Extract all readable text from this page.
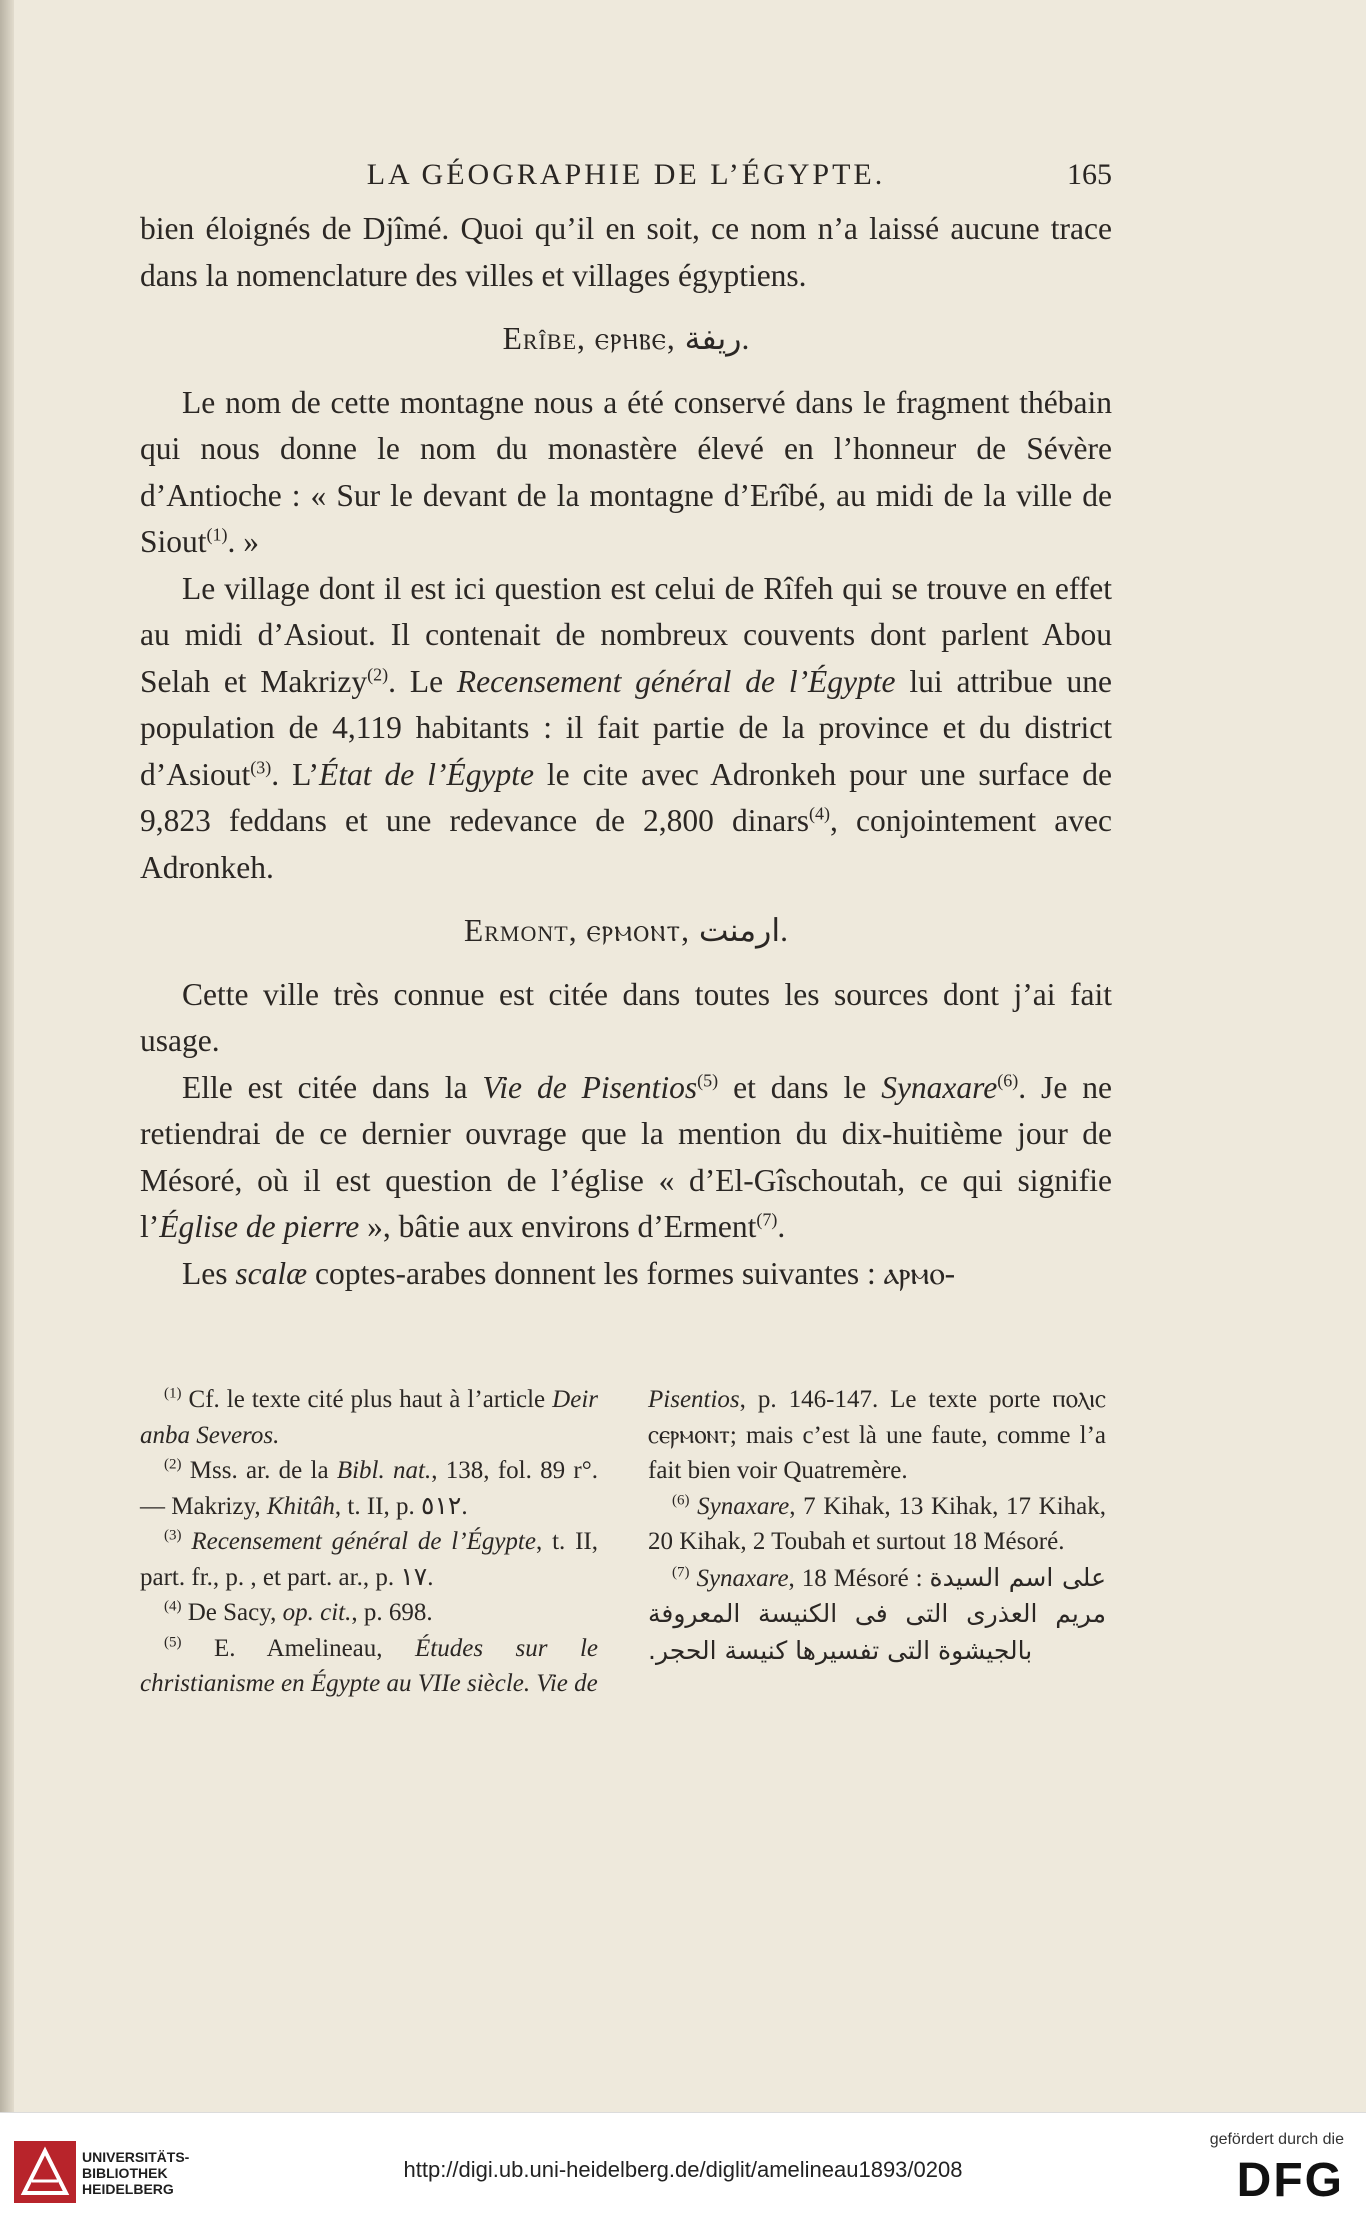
LA GÉOGRAPHIE DE L’ÉGYPTE.	165

bien éloignés de Djîmé. Quoi qu’il en soit, ce nom n’a laissé aucune trace dans la nomenclature des villes et villages égyptiens.

Erîbe, ⲉⲣⲏⲃⲉ, ﺭﻳﻔﺔ.

Le nom de cette montagne nous a été conservé dans le fragment thébain qui nous donne le nom du monastère élevé en l’honneur de Sévère d’Antioche : « Sur le devant de la montagne d’Erîbé, au midi de la ville de Siout$^{(1)}$. »

Le village dont il est ici question est celui de Rîfeh qui se trouve en effet au midi d’Asiout. Il contenait de nombreux couvents dont parlent Abou Selah et Makrizy$^{(2)}$. Le Recensement général de l’Égypte lui attribue une population de 4,119 habitants : il fait partie de la province et du district d’Asiout$^{(3)}$. L’État de l’Égypte le cite avec Adronkeh pour une surface de 9,823 feddans et une redevance de 2,800 dinars$^{(4)}$, conjointement avec Adronkeh.

Ermont, ⲉⲣⲙⲟⲛⲧ, ﺍﺭﻣﻨﺖ.

Cette ville très connue est citée dans toutes les sources dont j’ai fait usage.

Elle est citée dans la Vie de Pisentios$^{(5)}$ et dans le Synaxare$^{(6)}$. Je ne retiendrai de ce dernier ouvrage que la mention du dix-huitième jour de Mésoré, où il est question de l’église « d’El-Gîschoutah, ce qui signifie l’Église de pierre », bâtie aux environs d’Erment$^{(7)}$.

Les scalæ coptes-arabes donnent les formes suivantes : ⲁⲣⲙⲟ-

$^{(1)}$ Cf. le texte cité plus haut à l’article Deir anba Severos.

$^{(2)}$ Mss. ar. de la Bibl. nat., 138, fol. 89 r°. — Makrizy, Khitâh, t. II, p. ٥١٢.

$^{(3)}$ Recensement général de l’Égypte, t. II, part. fr., p. , et part. ar., p. ١٧.

$^{(4)}$ De Sacy, op. cit., p. 698.

$^{(5)}$ E. Amelineau, Études sur le christianisme en Égypte au VIIe siècle. Vie de

Pisentios, p. 146-147. Le texte porte ⲡⲟⲗⲓⲥ ⲥⲉⲣⲙⲟⲛⲧ; mais c’est là une faute, comme l’a fait bien voir Quatremère.

$^{(6)}$ Synaxare, 7 Kihak, 13 Kihak, 17 Kihak, 20 Kihak, 2 Toubah et surtout 18 Mésoré.

$^{(7)}$ Synaxare, 18 Mésoré : على اسم السيدة مريم العذرى التى فى الكنيسة المعروفة بالجيشوة التى تفسيرها كنيسة الحجر.

UNIVERSITÄTS-
BIBLIOTHEK
HEIDELBERG
http://digi.ub.uni-heidelberg.de/diglit/amelineau1893/0208
gefördert durch die
DFG
